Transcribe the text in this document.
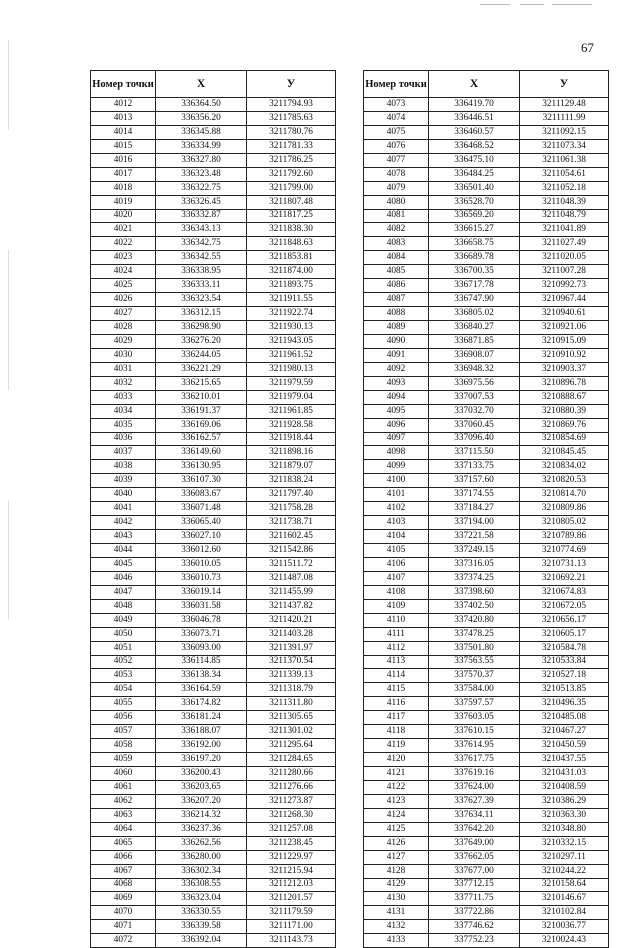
67
Номер точки	X	У
4012	336364.50	3211794.93
4013	336356.20	3211785.63
4014	336345.88	3211780.76
4015	336334.99	3211781.33
4016	336327.80	3211786.25
4017	336323.48	3211792.60
4018	336322.75	3211799.00
4019	336326.45	3211807.48
4020	336332.87	3211817.25
4021	336343.13	3211838.30
4022	336342.75	3211848.63
4023	336342.55	3211853.81
4024	336338.95	3211874.00
4025	336333.11	3211893.75
4026	336323.54	3211911.55
4027	336312.15	3211922.74
4028	336298.90	3211930.13
4029	336276.20	3211943.05
4030	336244.05	3211961.52
4031	336221.29	3211980.13
4032	336215.65	3211979.59
4033	336210.01	3211979.04
4034	336191.37	3211961.85
4035	336169.06	3211928.58
4036	336162.57	3211918.44
4037	336149.60	3211898.16
4038	336130.95	3211879.07
4039	336107.30	3211838.24
4040	336083.67	3211797.40
4041	336071.48	3211758.28
4042	336065.40	3211738.71
4043	336027.10	3211602.45
4044	336012.60	3211542.86
4045	336010.05	3211511.72
4046	336010.73	3211487.08
4047	336019.14	3211455.99
4048	336031.58	3211437.82
4049	336046.78	3211420.21
4050	336073.71	3211403.28
4051	336093.00	3211391.97
4052	336114.85	3211370.54
4053	336138.34	3211339.13
4054	336164.59	3211318.79
4055	336174.82	3211311.80
4056	336181.24	3211305.65
4057	336188.07	3211301.02
4058	336192.00	3211295.64
4059	336197.20	3211284.65
4060	336200.43	3211280.66
4061	336203.65	3211276.66
4062	336207.20	3211273.87
4063	336214.32	3211268.30
4064	336237.36	3211257.08
4065	336262.56	3211238.45
4066	336280.00	3211229.97
4067	336302.34	3211215.94
4068	336308.55	3211212.03
4069	336323.04	3211201.57
4070	336330.55	3211179.59
4071	336339.58	3211171.00
4072	336392.04	3211143.73
Номер точки	X	У
4073	336419.70	3211129.48
4074	336446.51	3211111.99
4075	336460.57	3211092.15
4076	336468.52	3211073.34
4077	336475.10	3211061.38
4078	336484.25	3211054.61
4079	336501.40	3211052.18
4080	336528.70	3211048.39
4081	336569.20	3211048.79
4082	336615.27	3211041.89
4083	336658.75	3211027.49
4084	336689.78	3211020.05
4085	336700.35	3211007.28
4086	336717.78	3210992.73
4087	336747.90	3210967.44
4088	336805.02	3210940.61
4089	336840.27	3210921.06
4090	336871.85	3210915.09
4091	336908.07	3210910.92
4092	336948.32	3210903.37
4093	336975.56	3210896.78
4094	337007.53	3210888.67
4095	337032.70	3210880.39
4096	337060.45	3210869.76
4097	337096.40	3210854.69
4098	337115.50	3210845.45
4099	337133.75	3210834.02
4100	337157.60	3210820.53
4101	337174.55	3210814.70
4102	337184.27	3210809.86
4103	337194.00	3210805.02
4104	337221.58	3210789.86
4105	337249.15	3210774.69
4106	337316.05	3210731.13
4107	337374.25	3210692.21
4108	337398.60	3210674.83
4109	337402.50	3210672.05
4110	337420.80	3210656.17
4111	337478.25	3210605.17
4112	337501.80	3210584.78
4113	337563.55	3210533.84
4114	337570.37	3210527.18
4115	337584.00	3210513.85
4116	337597.57	3210496.35
4117	337603.05	3210485.08
4118	337610.15	3210467.27
4119	337614.95	3210450.59
4120	337617.75	3210437.55
4121	337619.16	3210431.03
4122	337624.00	3210408.59
4123	337627.39	3210386.29
4124	337634.11	3210363.30
4125	337642.20	3210348.80
4126	337649.00	3210332.15
4127	337662.05	3210297.11
4128	337677.00	3210244.22
4129	337712.15	3210158.64
4130	337711.75	3210146.67
4131	337722.86	3210102.84
4132	337746.62	3210036.77
4133	337752.23	3210024.43
